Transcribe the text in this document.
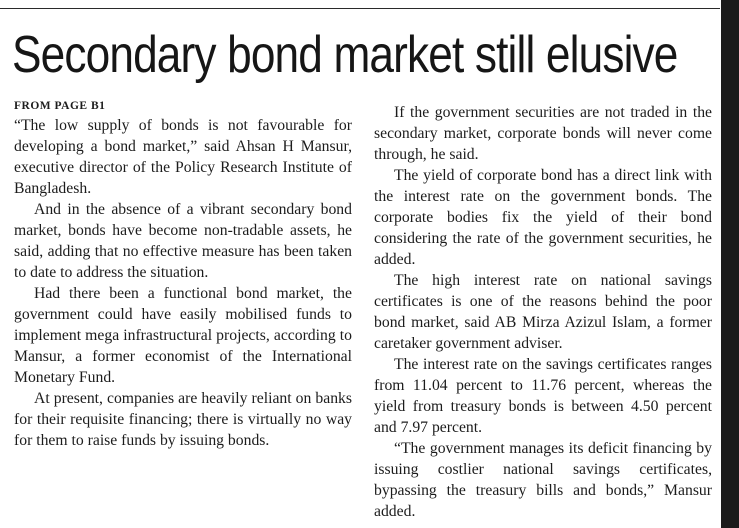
Secondary bond market still elusive
FROM PAGE B1

“The low supply of bonds is not favourable for developing a bond market,” said Ahsan H Mansur, executive director of the Policy Research Institute of Bangladesh.

And in the absence of a vibrant secondary bond market, bonds have become non-tradable assets, he said, adding that no effective measure has been taken to date to address the situation.

Had there been a functional bond market, the government could have easily mobilised funds to implement mega infrastructural projects, according to Mansur, a former economist of the International Monetary Fund.

At present, companies are heavily reliant on banks for their requisite financing; there is virtually no way for them to raise funds by issuing bonds.

If the government securities are not traded in the secondary market, corporate bonds will never come through, he said.

The yield of corporate bond has a direct link with the interest rate on the government bonds. The corporate bodies fix the yield of their bond considering the rate of the government securities, he added.

The high interest rate on national savings certificates is one of the reasons behind the poor bond market, said AB Mirza Azizul Islam, a former caretaker government adviser.

The interest rate on the savings certificates ranges from 11.04 percent to 11.76 percent, whereas the yield from treasury bonds is between 4.50 percent and 7.97 percent.

“The government manages its deficit financing by issuing costlier national savings certificates, bypassing the treasury bills and bonds,” Mansur added.
